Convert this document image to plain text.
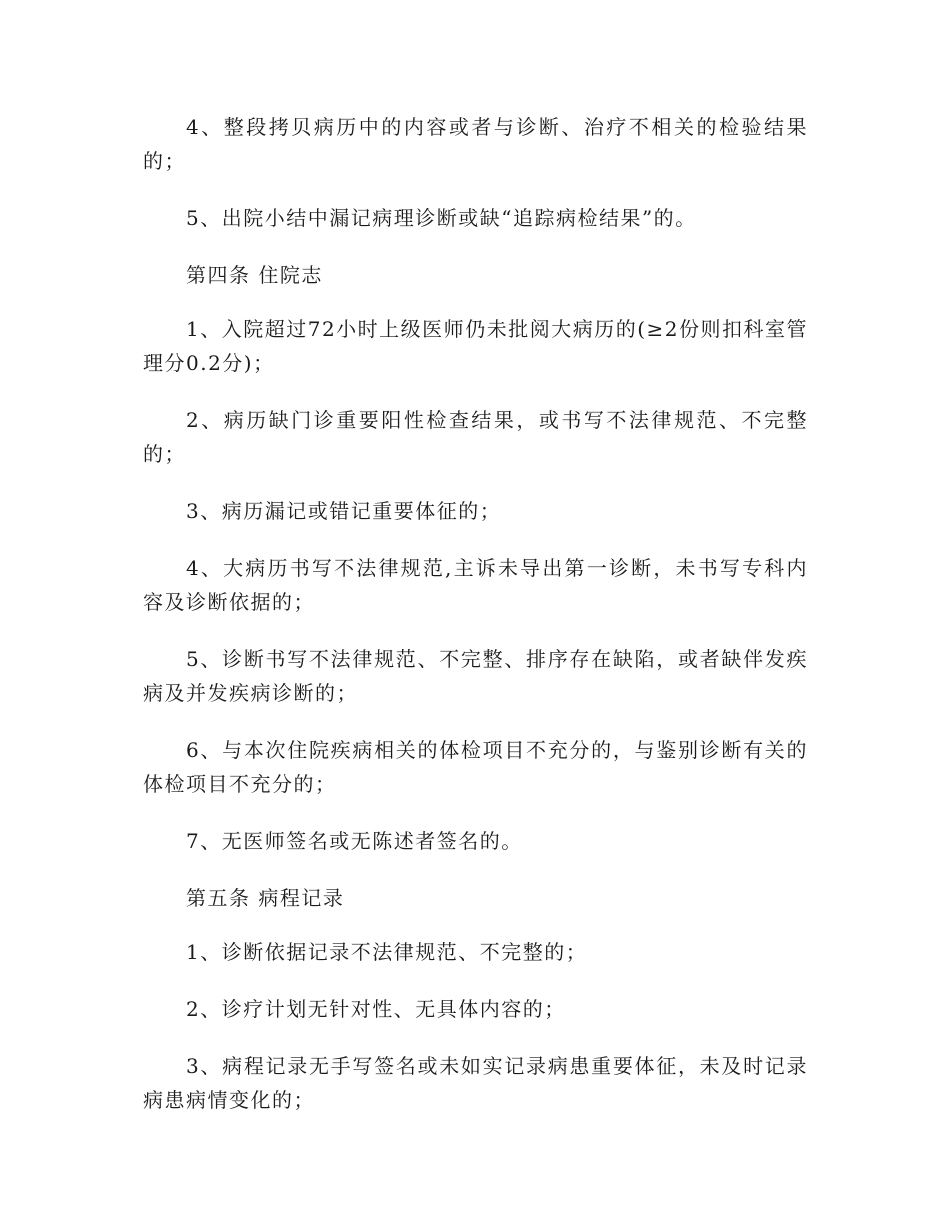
4、整段拷贝病历中的内容或者与诊断、治疗不相关的检验结果的；

5、出院小结中漏记病理诊断或缺“追踪病检结果”的。

第四条 住院志

1、入院超过72小时上级医师仍未批阅大病历的(≥2份则扣科室管理分0.2分)；

2、病历缺门诊重要阳性检查结果，或书写不法律规范、不完整的；

3、病历漏记或错记重要体征的；

4、大病历书写不法律规范,主诉未导出第一诊断，未书写专科内容及诊断依据的；

5、诊断书写不法律规范、不完整、排序存在缺陷，或者缺伴发疾病及并发疾病诊断的；

6、与本次住院疾病相关的体检项目不充分的，与鉴别诊断有关的体检项目不充分的；

7、无医师签名或无陈述者签名的。

第五条 病程记录

1、诊断依据记录不法律规范、不完整的；

2、诊疗计划无针对性、无具体内容的；

3、病程记录无手写签名或未如实记录病患重要体征，未及时记录病患病情变化的；
